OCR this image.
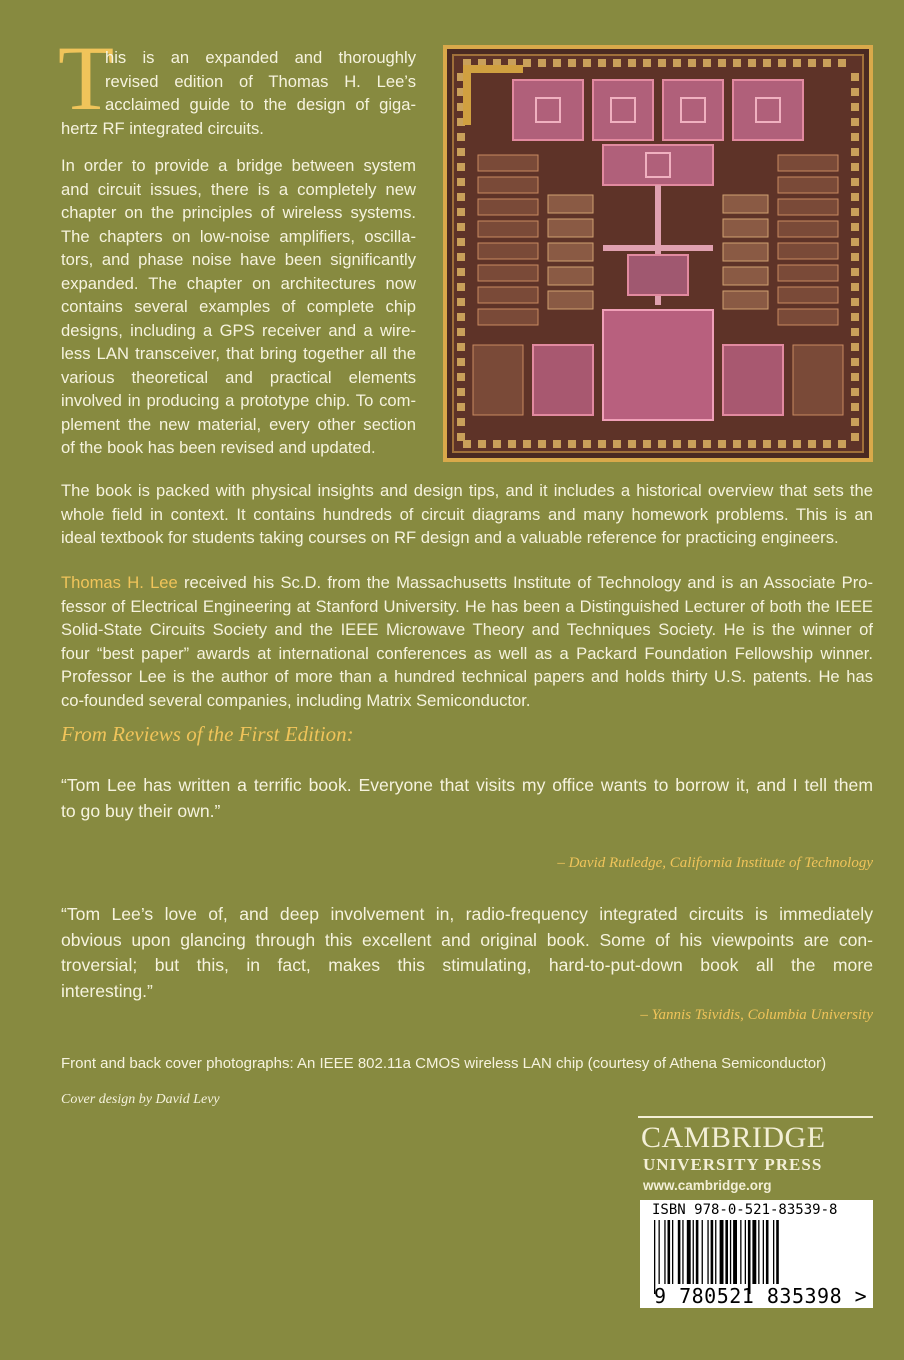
T
his is an expanded and thoroughly
revised edition of Thomas H. Lee’s
acclaimed guide to the design of giga-
hertz RF integrated circuits.
In order to provide a bridge between system
and circuit issues, there is a completely new
chapter on the principles of wireless systems.
The chapters on low-noise amplifiers, oscilla-
tors, and phase noise have been significantly
expanded. The chapter on architectures now
contains several examples of complete chip
designs, including a GPS receiver and a wire-
less LAN transceiver, that bring together all the
various theoretical and practical elements
involved in producing a prototype chip. To com-
plement the new material, every other section
of the book has been revised and updated.
The book is packed with physical insights and design tips, and it includes a historical overview that sets the
whole field in context. It contains hundreds of circuit diagrams and many homework problems. This is an
ideal textbook for students taking courses on RF design and a valuable reference for practicing engineers.
Thomas H. Lee received his Sc.D. from the Massachusetts Institute of Technology and is an Associate Pro-
fessor of Electrical Engineering at Stanford University. He has been a Distinguished Lecturer of both the IEEE
Solid-State Circuits Society and the IEEE Microwave Theory and Techniques Society. He is the winner of
four “best paper” awards at international conferences as well as a Packard Foundation Fellowship winner.
Professor Lee is the author of more than a hundred technical papers and holds thirty U.S. patents. He has
co-founded several companies, including Matrix Semiconductor.
From Reviews of the First Edition:
“Tom Lee has written a terrific book. Everyone that visits my office wants to borrow it, and I tell them
to go buy their own.”
– David Rutledge, California Institute of Technology
“Tom Lee’s love of, and deep involvement in, radio-frequency integrated circuits is immediately
obvious upon glancing through this excellent and original book. Some of his viewpoints are con-
troversial; but this, in fact, makes this stimulating, hard-to-put-down book all the more
interesting.”
– Yannis Tsividis, Columbia University
Front and back cover photographs: An IEEE 802.11a CMOS wireless LAN chip (courtesy of Athena Semiconductor)
Cover design by David Levy
CAMBRIDGE
UNIVERSITY PRESS
www.cambridge.org
ISBN 978-0-521-83539-8
9 780521 835398 >
